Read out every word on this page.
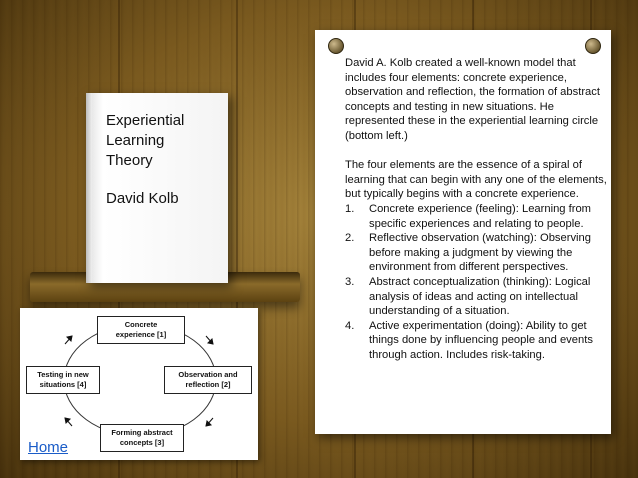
Experiential
Learning
Theory
David Kolb
Concrete
experience [1]
Observation and
reflection [2]
Forming abstract
concepts [3]
Testing in new
situations [4]
Home

David A. Kolb created a well-known model that includes four elements: concrete experience, observation and reflection, the formation of abstract concepts and testing in new situations. He represented these in the experiential learning circle (bottom left.)

The four elements are the essence of a spiral of learning that can begin with any one of the elements, but typically begins with a concrete experience.

1.	Concrete experience (feeling): Learning from specific experiences and relating to people.
2.	Reflective observation (watching): Observing before making a judgment by viewing the environment from different perspectives.
3.	Abstract conceptualization (thinking): Logical analysis of ideas and acting on intellectual understanding of a situation.
4.	Active experimentation (doing): Ability to get things done by influencing people and events through action. Includes risk-taking.
